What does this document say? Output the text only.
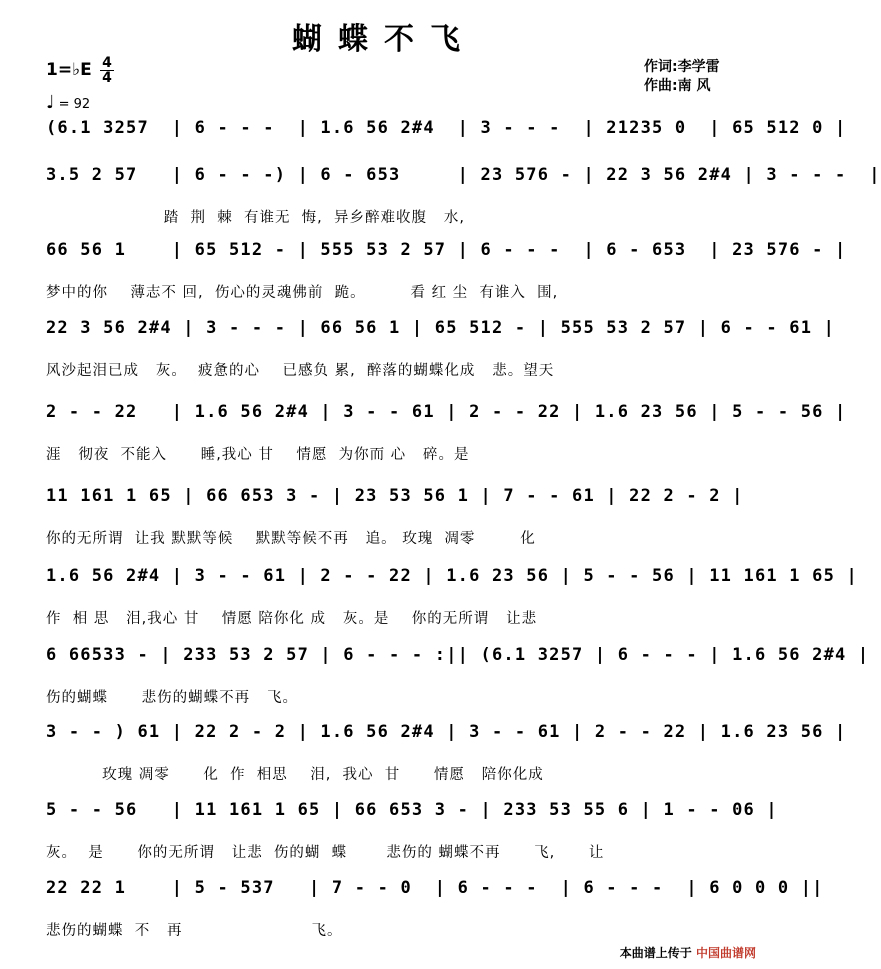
蝴蝶不飞
1=♭E 4
4
♩ = 92
作词:李学雷
作曲:南 风
(6.1 3257  | 6 - - -  | 1.6 56 2#4  | 3 - - -  | 21235 0  | 65 512 0 |
3.5 2 57   | 6 - - -) | 6 - 653     | 23 576 - | 22 3 56 2#4 | 3 - - -  |
踏  荆  棘  有谁无  悔,  异乡醉难收腹   水,
66 56 1    | 65 512 - | 555 53 2 57 | 6 - - -  | 6 - 653  | 23 576 - |
梦中的你    薄志不 回,  伤心的灵魂佛前  跪。        看 红 尘  有谁入  围,
22 3 56 2#4 | 3 - - - | 66 56 1 | 65 512 - | 555 53 2 57 | 6 - - 61 |
风沙起泪已成   灰。  疲惫的心    已感负 累,  醉落的蝴蝶化成   悲。望天
2 - - 22   | 1.6 56 2#4 | 3 - - 61 | 2 - - 22 | 1.6 23 56 | 5 - - 56 |
涯   彻夜  不能入      睡,我心 甘    情愿  为你而 心   碎。是
11 161 1 65 | 66 653 3 - | 23 53 56 1 | 7 - - 61 | 22 2 - 2 |
你的无所谓  让我 默默等候    默默等候不再   追。 玫瑰  凋零        化
1.6 56 2#4 | 3 - - 61 | 2 - - 22 | 1.6 23 56 | 5 - - 56 | 11 161 1 65 |
作  相 思   泪,我心 甘    情愿 陪你化 成   灰。是    你的无所谓   让悲
6 66533 - | 233 53 2 57 | 6 - - - :|| (6.1 3257 | 6 - - - | 1.6 56 2#4 |
伤的蝴蝶      悲伤的蝴蝶不再   飞。
3 - - ) 61 | 22 2 - 2 | 1.6 56 2#4 | 3 - - 61 | 2 - - 22 | 1.6 23 56 |
玫瑰 凋零      化  作  相思    泪,  我心  甘      情愿   陪你化成
5 - - 56   | 11 161 1 65 | 66 653 3 - | 233 53 55 6 | 1 - - 06 |
灰。  是      你的无所谓   让悲  伤的蝴  蝶       悲伤的 蝴蝶不再      飞,      让
22 22 1    | 5 - 537   | 7 - - 0  | 6 - - -  | 6 - - -  | 6 0 0 0 ||
悲伤的蝴蝶  不   再                       飞。
本曲谱上传于 中国曲谱网
